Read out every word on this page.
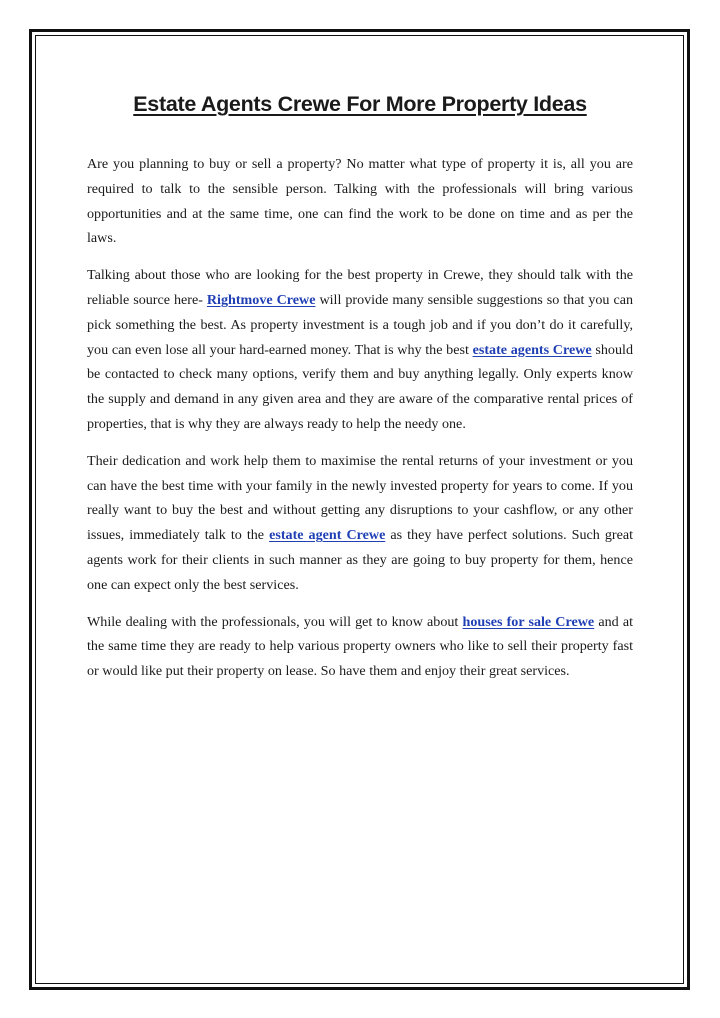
Estate Agents Crewe For More Property Ideas

Are you planning to buy or sell a property? No matter what type of property it is, all you are required to talk to the sensible person. Talking with the professionals will bring various opportunities and at the same time, one can find the work to be done on time and as per the laws.

Talking about those who are looking for the best property in Crewe, they should talk with the reliable source here- Rightmove Crewe will provide many sensible suggestions so that you can pick something the best. As property investment is a tough job and if you don’t do it carefully, you can even lose all your hard-earned money. That is why the best estate agents Crewe should be contacted to check many options, verify them and buy anything legally. Only experts know the supply and demand in any given area and they are aware of the comparative rental prices of properties, that is why they are always ready to help the needy one.

Their dedication and work help them to maximise the rental returns of your investment or you can have the best time with your family in the newly invested property for years to come. If you really want to buy the best and without getting any disruptions to your cashflow, or any other issues, immediately talk to the estate agent Crewe as they have perfect solutions. Such great agents work for their clients in such manner as they are going to buy property for them, hence one can expect only the best services.

While dealing with the professionals, you will get to know about houses for sale Crewe and at the same time they are ready to help various property owners who like to sell their property fast or would like put their property on lease. So have them and enjoy their great services.
